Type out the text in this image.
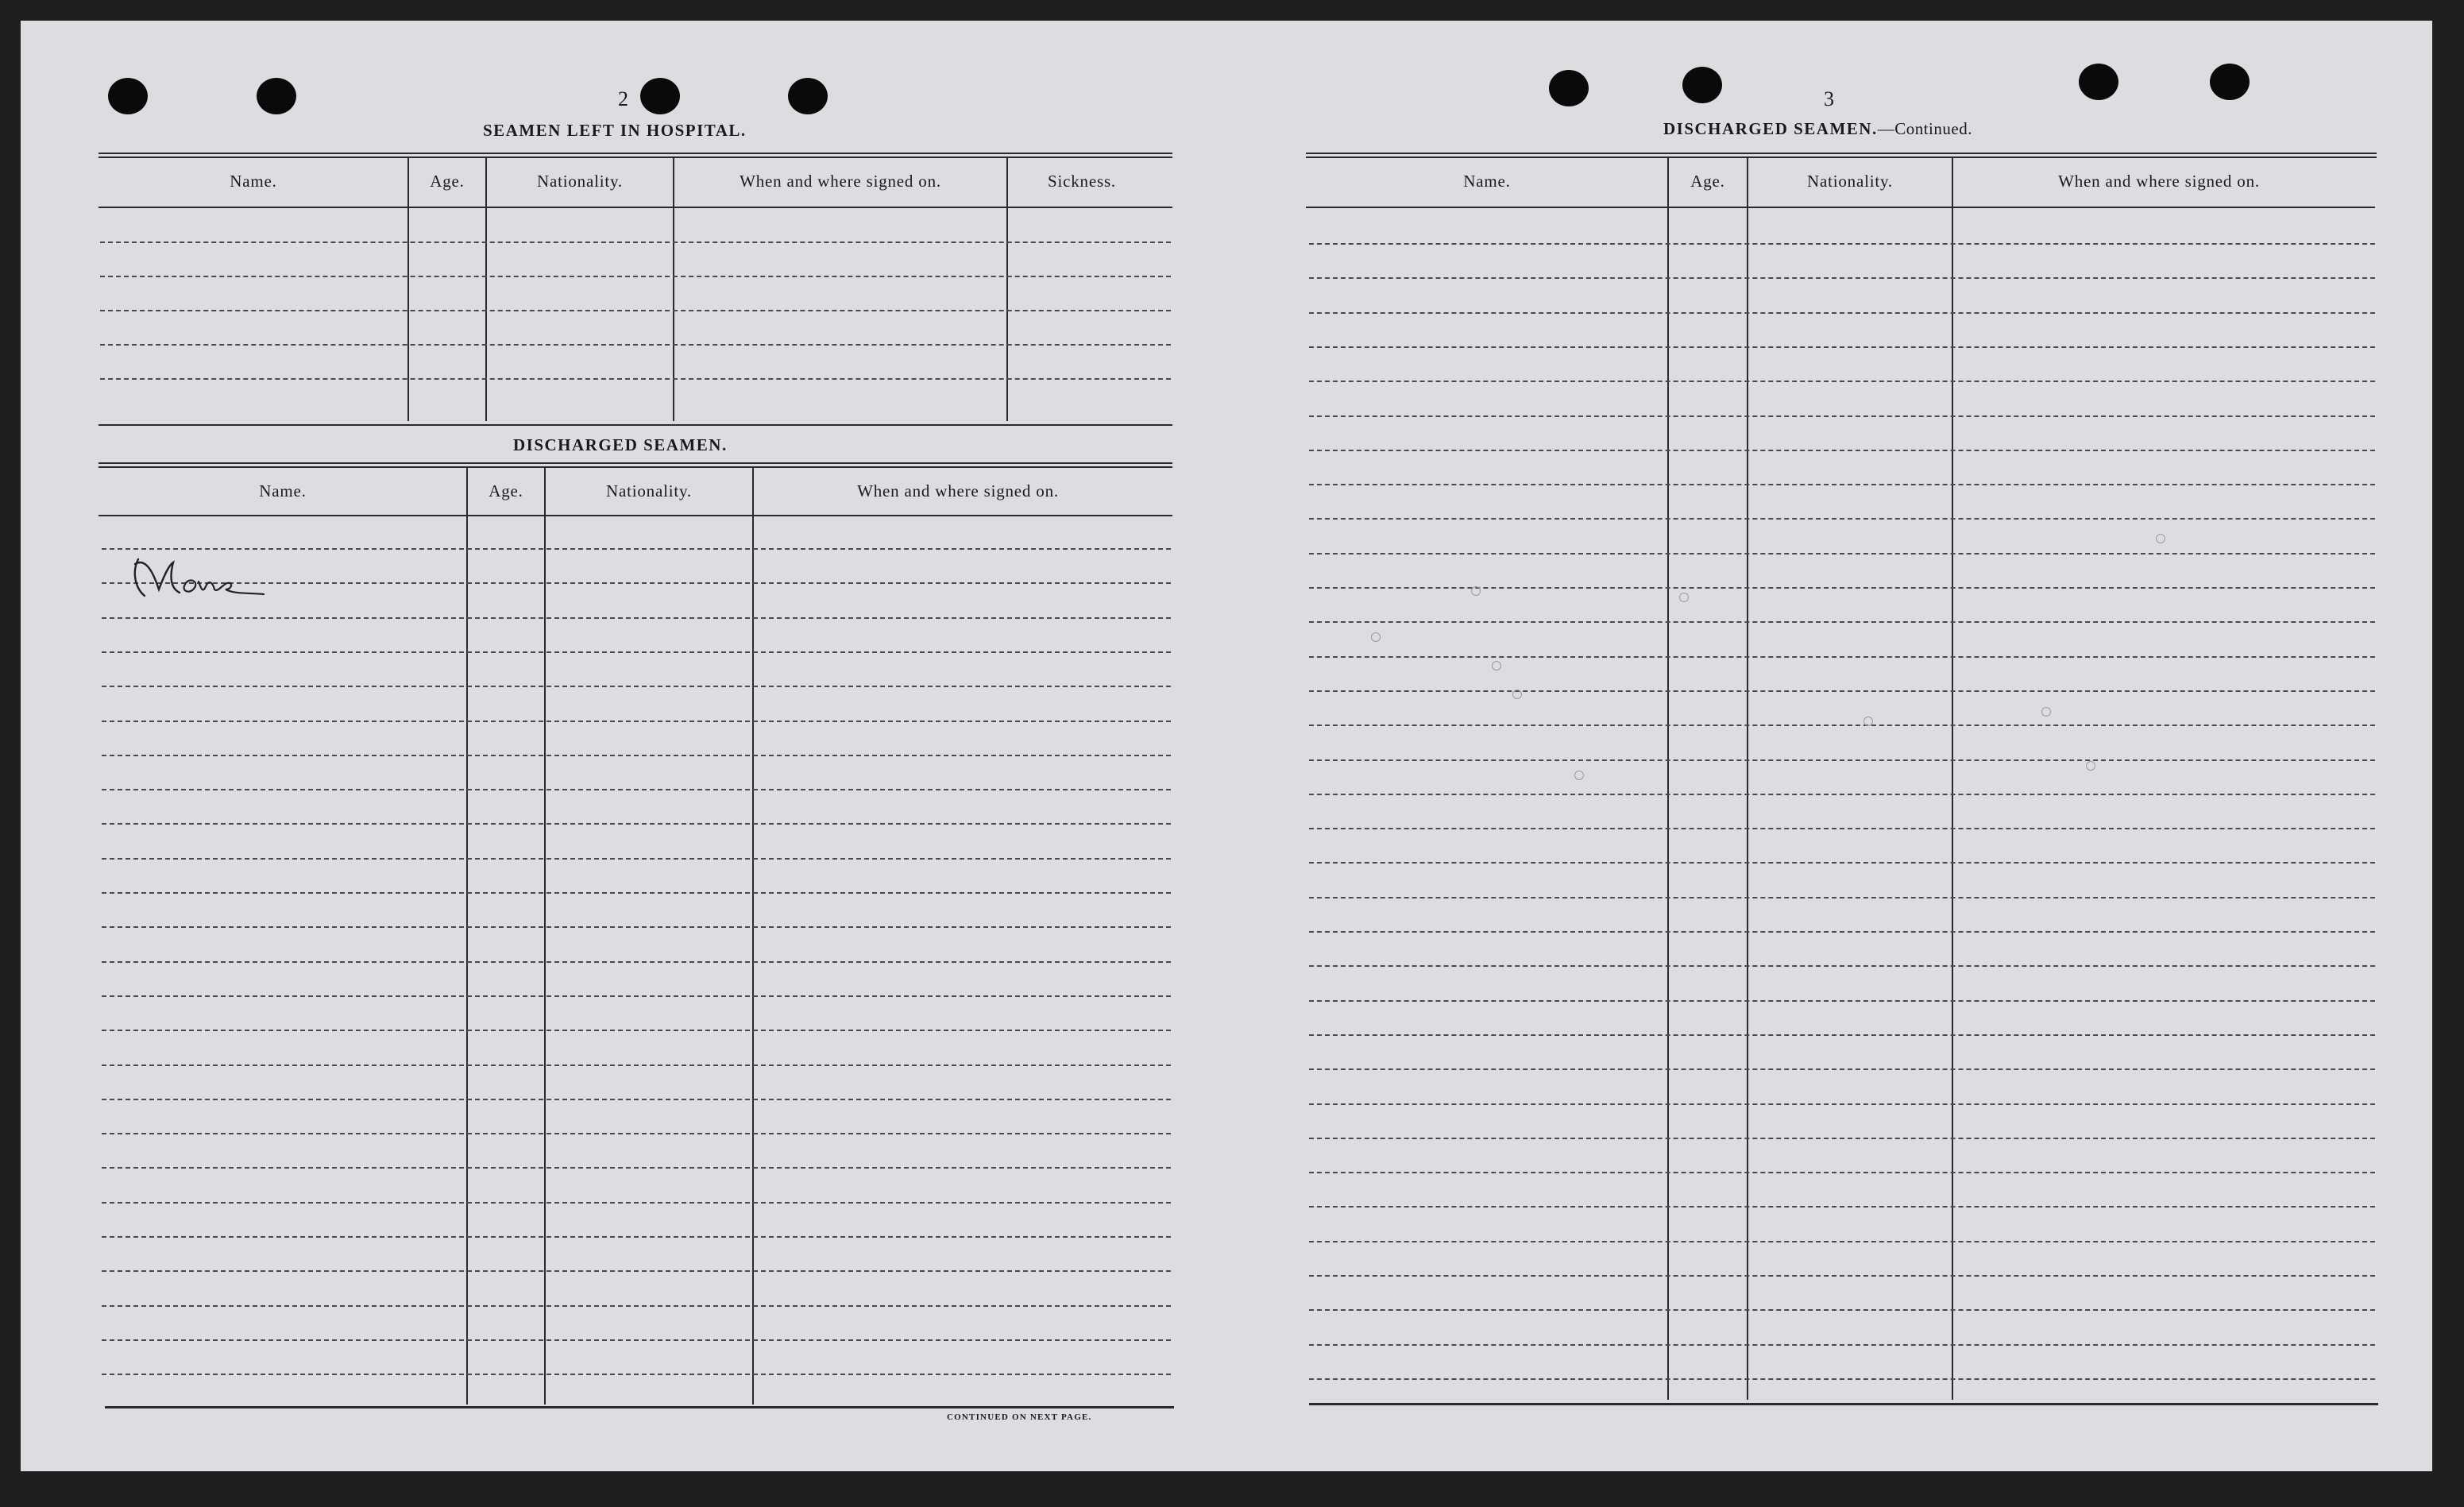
2
SEAMEN LEFT IN HOSPITAL.
Name.	Age.	Nationality.	When and where signed on.	Sickness.
DISCHARGED SEAMEN.
Name.	Age.	Nationality.	When and where signed on.
None
CONTINUED ON NEXT PAGE.
3
DISCHARGED SEAMEN.—Continued.
Name.	Age.	Nationality.	When and where signed on.
